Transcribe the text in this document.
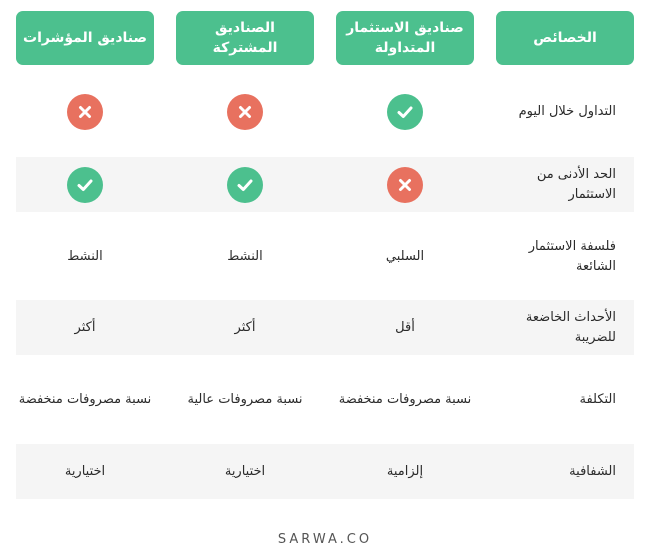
الخصائص
صناديق الاستثمار المتداولة
الصناديق المشتركة
صناديق المؤشرات
التداول خلال اليوم
الحد الأدنى من الاستثمار
فلسفة الاستثمار الشائعة
السلبي
النشط
النشط
الأحداث الخاضعة للضريبة
أقل
أكثر
أكثر
التكلفة
نسبة مصروفات منخفضة
نسبة مصروفات عالية
نسبة مصروفات منخفضة
الشفافية
إلزامية
اختيارية
اختيارية
SARWA.CO
